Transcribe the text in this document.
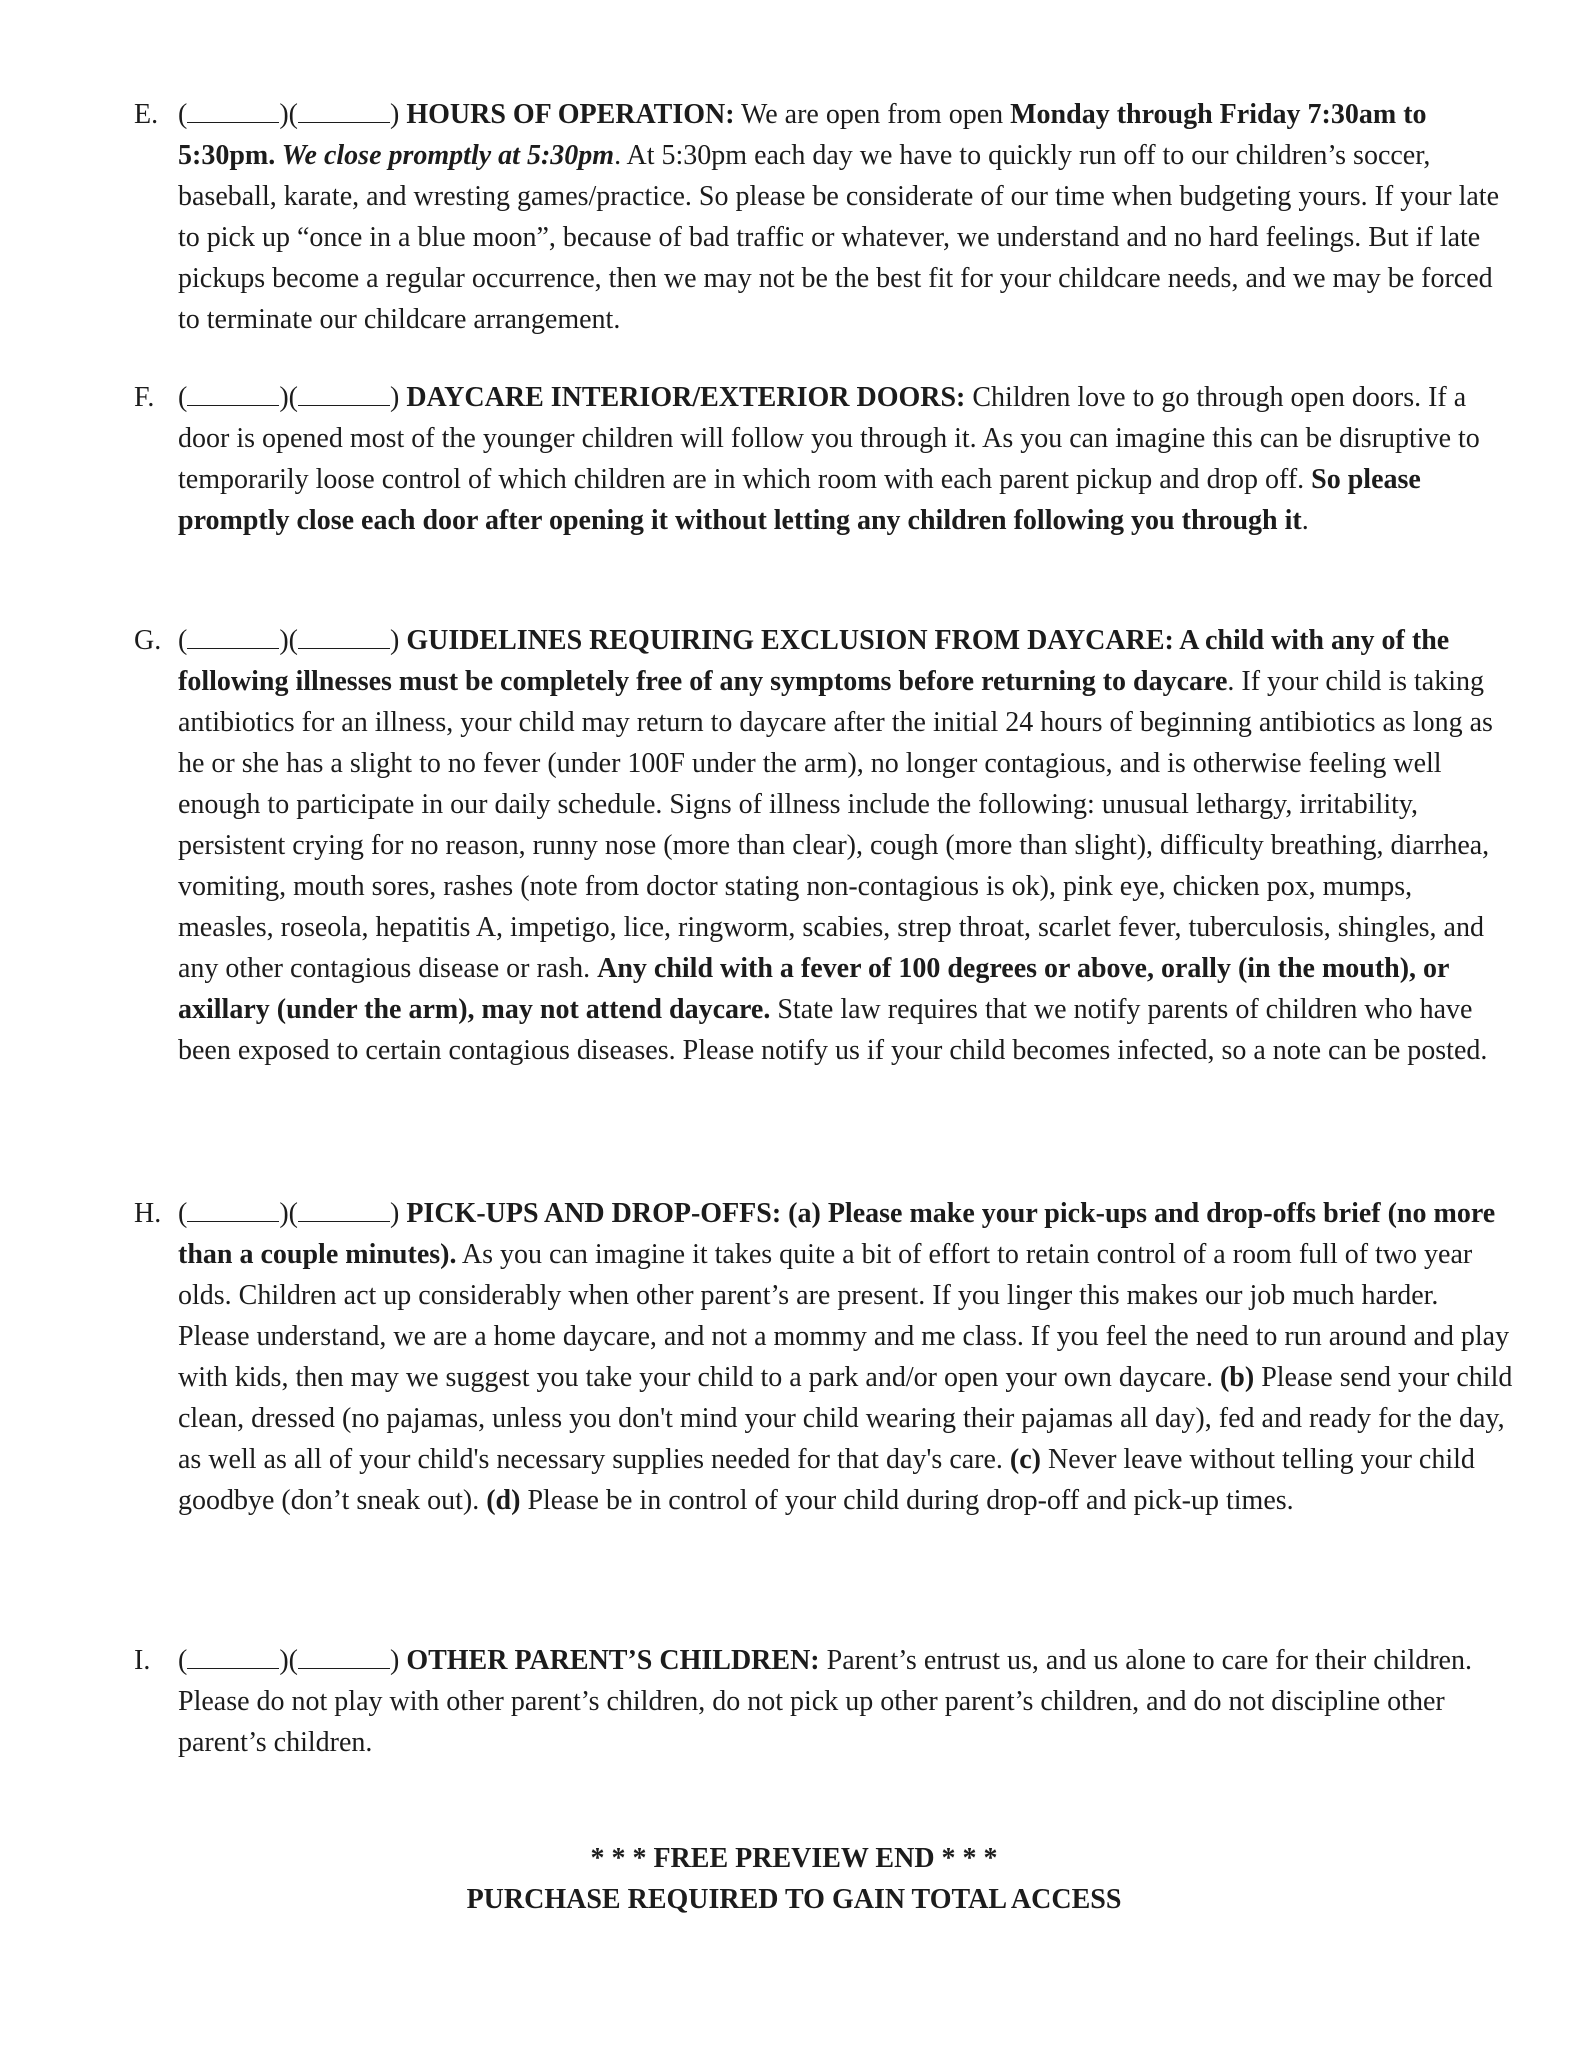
E. (	)(	) HOURS OF OPERATION: We are open from open Monday through Friday 7:30am to 5:30pm. We close promptly at 5:30pm. At 5:30pm each day we have to quickly run off to our children’s soccer, baseball, karate, and wresting games/practice. So please be considerate of our time when budgeting yours. If your late to pick up “once in a blue moon”, because of bad traffic or whatever, we understand and no hard feelings. But if late pickups become a regular occurrence, then we may not be the best fit for your childcare needs, and we may be forced to terminate our childcare arrangement.
F. (	)(	) DAYCARE INTERIOR/EXTERIOR DOORS: Children love to go through open doors. If a door is opened most of the younger children will follow you through it. As you can imagine this can be disruptive to temporarily loose control of which children are in which room with each parent pickup and drop off. So please promptly close each door after opening it without letting any children following you through it.
G. (	)(	) GUIDELINES REQUIRING EXCLUSION FROM DAYCARE: A child with any of the following illnesses must be completely free of any symptoms before returning to daycare. If your child is taking antibiotics for an illness, your child may return to daycare after the initial 24 hours of beginning antibiotics as long as he or she has a slight to no fever (under 100F under the arm), no longer contagious, and is otherwise feeling well enough to participate in our daily schedule. Signs of illness include the following: unusual lethargy, irritability, persistent crying for no reason, runny nose (more than clear), cough (more than slight), difficulty breathing, diarrhea, vomiting, mouth sores, rashes (note from doctor stating non-contagious is ok), pink eye, chicken pox, mumps, measles, roseola, hepatitis A, impetigo, lice, ringworm, scabies, strep throat, scarlet fever, tuberculosis, shingles, and any other contagious disease or rash. Any child with a fever of 100 degrees or above, orally (in the mouth), or axillary (under the arm), may not attend daycare. State law requires that we notify parents of children who have been exposed to certain contagious diseases. Please notify us if your child becomes infected, so a note can be posted.
H. (	)(	) PICK-UPS AND DROP-OFFS: (a) Please make your pick-ups and drop-offs brief (no more than a couple minutes). As you can imagine it takes quite a bit of effort to retain control of a room full of two year olds. Children act up considerably when other parent’s are present. If you linger this makes our job much harder. Please understand, we are a home daycare, and not a mommy and me class. If you feel the need to run around and play with kids, then may we suggest you take your child to a park and/or open your own daycare. (b) Please send your child clean, dressed (no pajamas, unless you don't mind your child wearing their pajamas all day), fed and ready for the day, as well as all of your child's necessary supplies needed for that day's care. (c) Never leave without telling your child goodbye (don’t sneak out). (d) Please be in control of your child during drop-off and pick-up times.
I. (	)(	) OTHER PARENT’S CHILDREN: Parent’s entrust us, and us alone to care for their children. Please do not play with other parent’s children, do not pick up other parent’s children, and do not discipline other parent’s children.
* * * FREE PREVIEW END * * *
PURCHASE REQUIRED TO GAIN TOTAL ACCESS
